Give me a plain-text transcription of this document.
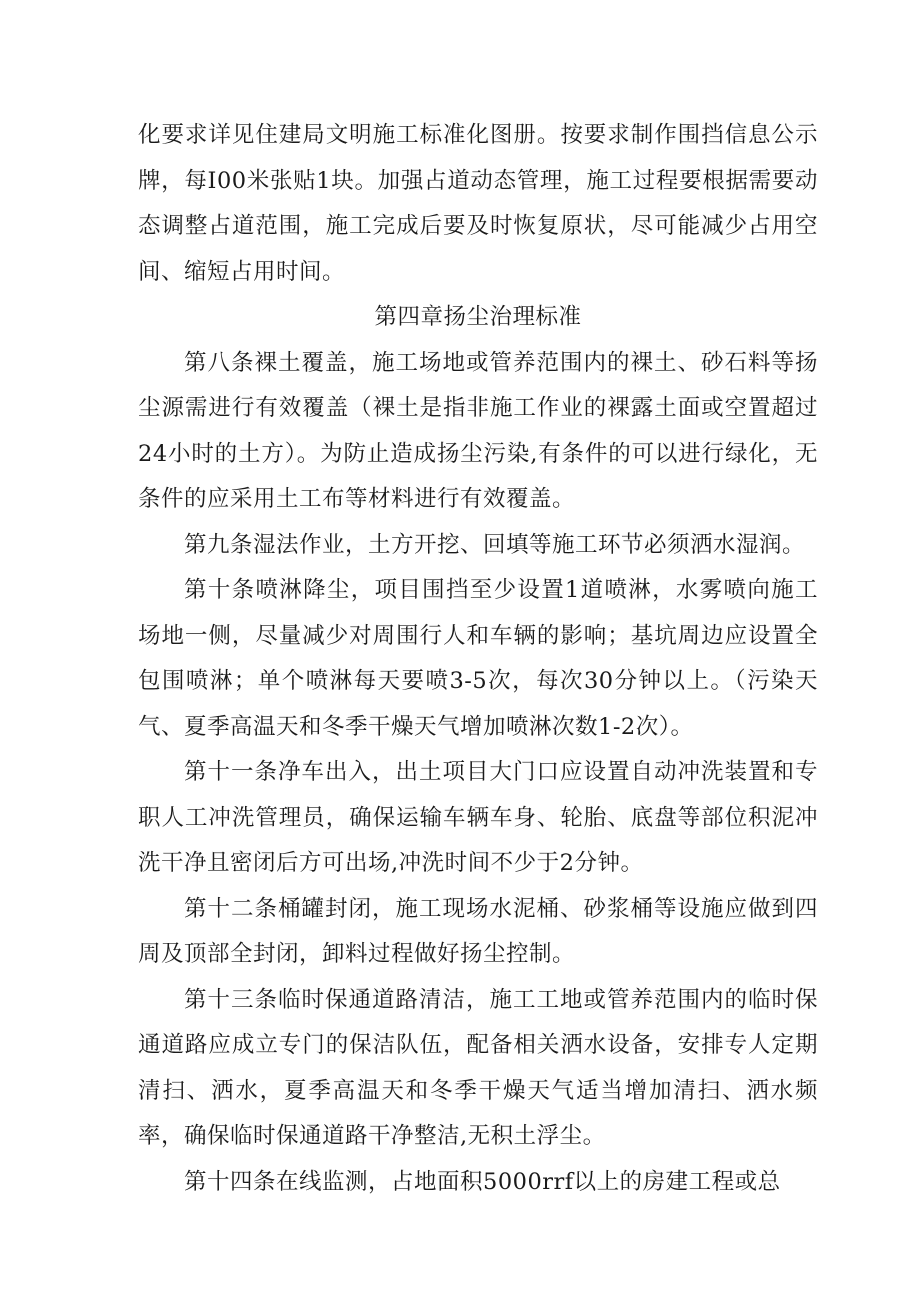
化要求详见住建局文明施工标准化图册。按要求制作围挡信息公示牌，每I00米张贴1块。加强占道动态管理，施工过程要根据需要动态调整占道范围，施工完成后要及时恢复原状，尽可能减少占用空间、缩短占用时间。

第四章扬尘治理标准

第八条裸土覆盖，施工场地或管养范围内的裸土、砂石料等扬尘源需进行有效覆盖（裸土是指非施工作业的裸露土面或空置超过24小时的土方）。为防止造成扬尘污染,有条件的可以进行绿化，无条件的应采用土工布等材料进行有效覆盖。

第九条湿法作业，土方开挖、回填等施工环节必须洒水湿润。

第十条喷淋降尘，项目围挡至少设置1道喷淋，水雾喷向施工场地一侧，尽量减少对周围行人和车辆的影响；基坑周边应设置全包围喷淋；单个喷淋每天要喷3-5次，每次30分钟以上。（污染天气、夏季高温天和冬季干燥天气增加喷淋次数1-2次）。

第十一条净车出入，出土项目大门口应设置自动冲洗装置和专职人工冲洗管理员，确保运输车辆车身、轮胎、底盘等部位积泥冲洗干净且密闭后方可出场,冲洗时间不少于2分钟。

第十二条桶罐封闭，施工现场水泥桶、砂浆桶等设施应做到四周及顶部全封闭，卸料过程做好扬尘控制。

第十三条临时保通道路清洁，施工工地或管养范围内的临时保通道路应成立专门的保洁队伍，配备相关洒水设备，安排专人定期清扫、洒水，夏季高温天和冬季干燥天气适当增加清扫、洒水频率，确保临时保通道路干净整洁,无积土浮尘。

第十四条在线监测，占地面积5000rrf以上的房建工程或总
